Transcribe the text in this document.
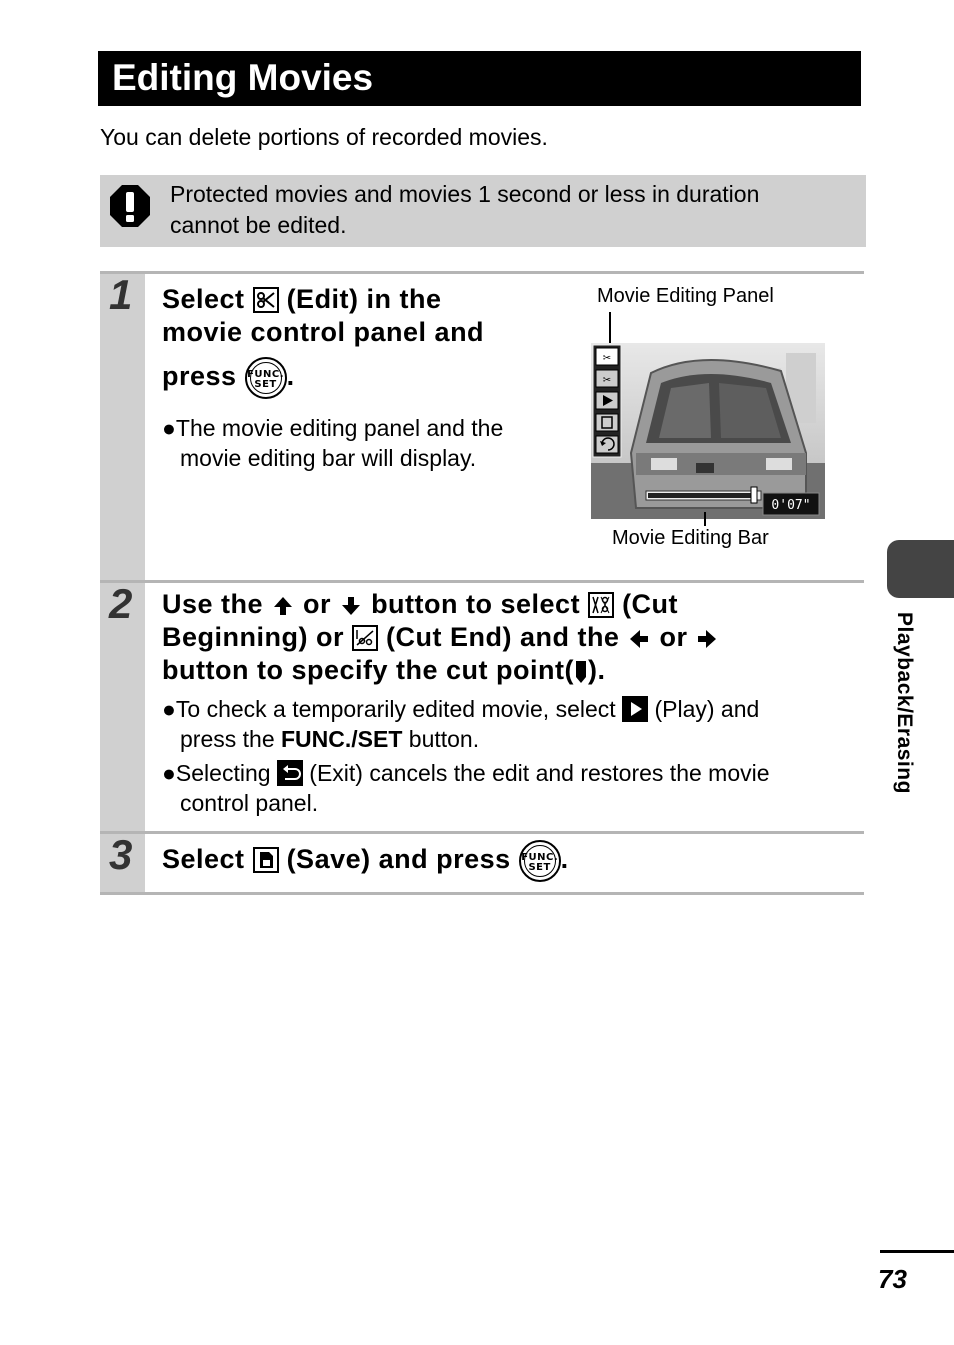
Editing Movies
You can delete portions of recorded movies.
Protected movies and movies 1 second or less in duration
cannot be edited.
1 Select
(Edit) in the
movie control panel and
press FUNC.
SET .
●The movie editing panel and the
movie editing bar will display.
Movie Editing Panel
✂
✂
0'07"
Movie Editing Bar
2 Use the  or  button to select
(Cut
Beginning) or
(Cut End) and the  or
button to specify the cut point( ).
●To check a temporarily edited movie, select
(Play) and
press the FUNC./SET button.
●Selecting
(Exit) cancels the edit and restores the movie
control panel.
3 Select
(Save) and press FUNC.
SET .
Playback/Erasing
73
